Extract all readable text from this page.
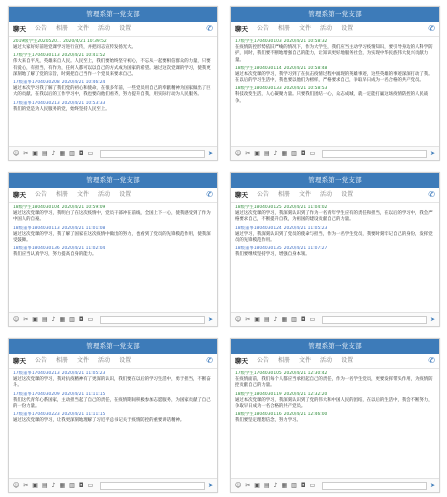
管理系第一党支部
聊天 公告 相册 文件 活动 设置	✆
2019级学生2020520... 2020/4/21 10:39:52
通过大家好好前进党课学习进行宣传，并把同志宣传发扬光大。
17级学生1704030113 2020/4/21 10:41:52
伟大来自平凡，英雄来自人民。人民至上，我们要始终坚守初心，不忘从一起要相信群众的力量，只要有爱心，有担当，有作为，任何人都可以以自己的方式成为国家的希望。通过这次党课的学习，使我更深刻地了解了党的宗旨，时刻把自己当作一个党员来要求自己。
17级董事1704030208 2020/4/21 10:46:24
通过本次学习我了解了我们党的初心和使命，在很多年前，一些党员用自己的奉献精神为国家做出了巨大的贡献。在我以后的工作学习中，我也要向他们看齐，努力提升自我，用实际行动为人民服务。
17级董事1704030213 2020/4/21 10:53:33
我们的党是为人民服务的党，始终坚持人民至上。
☺ ✂ ▣ ▤ ♪ ▦ ▥ ◘ ▭	➤
管理系第一党支部
聊天 公告 相册 文件 活动 设置	✆
17级学生1704030103 2020/4/21 10:58:32
在疫情防控形势依旧严峻的情况下，作为大学生，我们应当主动学习疫情知识，要引导身边的人科学防护，同时，我们要不断地增强自己的能力，让知识更好地服务社会，为实现中华民族伟大复兴贡献力量。
18级学生1804030114 2020/4/21 10:58:48
通过本次党课的学习，我学习到了在抗击疫情过程中涌现的英雄事迹，这些英雄的事迹深深打动了我。在以后的学习生活中，我也要以他们为榜样，严格要求自己，争取早日成为一名合格的共产党员。
18级学生1804030133 2020/4/21 10:58:53
科技改变生活，人心凝聚力量。只要我们团结一心，众志成城，就一定能打赢这场疫情防控的人民战争。
☺ ✂ ▣ ▤ ♪ ▦ ▥ ◘ ▭	➤
管理系第一党支部
聊天 公告 相册 文件 活动 设置	✆
18级学生1804030104 2020/4/21 10:59:09
通过这次党课的学习，我明白了在这次疫情中，党员干部冲在前线，全国上下一心，使我感受到了作为中国人的自豪。
18级董事1804030113 2020/4/21 11:01:08
通过这次党课的学习，我了解了国家在这次疫情中做出的努力，也看到了党员的先锋模范作用，使我深受鼓舞。
18级董事1804030136 2020/4/21 11:02:04
我们应当认真学习，努力提高自身的能力。
☺ ✂ ▣ ▤ ♪ ▦ ▥ ◘ ▭	➤
管理系第一党支部
聊天 公告 相册 文件 活动 设置	✆
18级学生1804030125 2020/4/21 11:04:02
通过这次党课的学习，我深刻认识到了作为一名青年学生应有的责任和担当，在以后的学习中，我会严格要求自己，不断提升自我，为祖国的建设贡献自己的力量。
18级董事1804030124 2020/4/21 11:05:23
通过学习，我深刻认识到了党员的使命与担当，作为一名学生党员，我要时刻牢记自己的身份，发挥党员的先锋模范作用。
18级董事1804030135 2020/4/21 11:07:27
我们要继续坚持学习，增强自身本领。
☺ ✂ ▣ ▤ ♪ ▦ ▥ ◘ ▭	➤
管理系第一党支部
聊天 公告 相册 文件 活动 设置	✆
17级董事1704030213 2020/4/21 11:05:23
通过这次党课的学习，我对抗疫精神有了更深的认识，我们要在以后的学习生活中，勇于担当，不断奋斗。
17级董事1704030209 2020/4/21 11:11:15
我们这代青年心系国家，主动担当起了自己的责任，在疫情期间积极参加志愿服务，为国家贡献了自己的一份力量。
17级董事1704030223 2020/4/21 11:11:15
通过这次党课的学习，让我更深刻地理解了习近平总书记关于疫情防控的重要讲话精神。
☺ ✂ ▣ ▤ ♪ ▦ ▥ ◘ ▭	➤
管理系第一党支部
聊天 公告 相册 文件 活动 设置	✆
17级学生1704030105 2020/4/21 12:30:42
在疫情面前，我们每个人都应当承担起自己的责任，作为一名学生党员，更要发挥带头作用，为疫情防控贡献自己的力量。
18级学生1804030119 2020/4/21 12:32:20
通过本次党课的学习，我深刻认识到了党的伟大和中国人民的团结，在以后的生活中，我会不断努力，争取早日成为一名合格的共产党员。
18级学生1804030116 2020/4/21 12:46:00
我们要坚定理想信念，努力学习。
☺ ✂ ▣ ▤ ♪ ▦ ▥ ◘ ▭	➤
